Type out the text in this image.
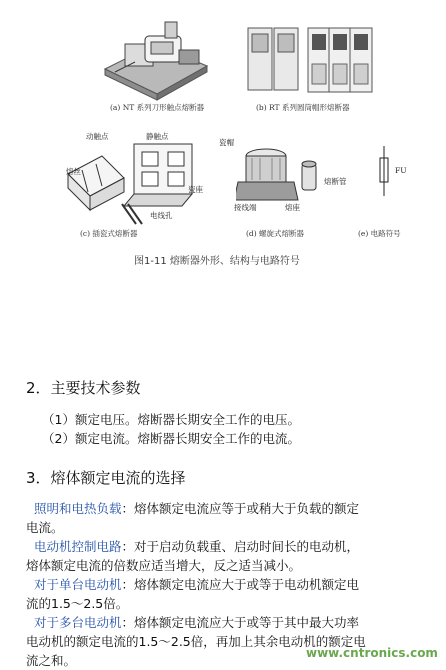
(a) NT 系列刀形触点熔断器	(b) RT 系列圆筒帽形熔断器
动触点	静触点
熔丝
瓷座
电线孔
瓷帽
熔断管
接线端	熔座
FU
(c) 插瓷式熔断器	(d) 螺旋式熔断器	(e) 电路符号
图1-11 熔断器外形、结构与电路符号
2．主要技术参数
（1）额定电压。熔断器长期安全工作的电压。
（2）额定电流。熔断器长期安全工作的电流。
3．熔体额定电流的选择
照明和电热负载：熔体额定电流应等于或稍大于负载的额定
电流。
电动机控制电路：对于启动负载重、启动时间长的电动机，
熔体额定电流的倍数应适当增大，反之适当减小。
对于单台电动机：熔体额定电流应大于或等于电动机额定电
流的1.5～2.5倍。
对于多台电动机：熔体额定电流应大于或等于其中最大功率
电动机的额定电流的1.5～2.5倍，再加上其余电动机的额定电
流之和。	www.cntronics.com
